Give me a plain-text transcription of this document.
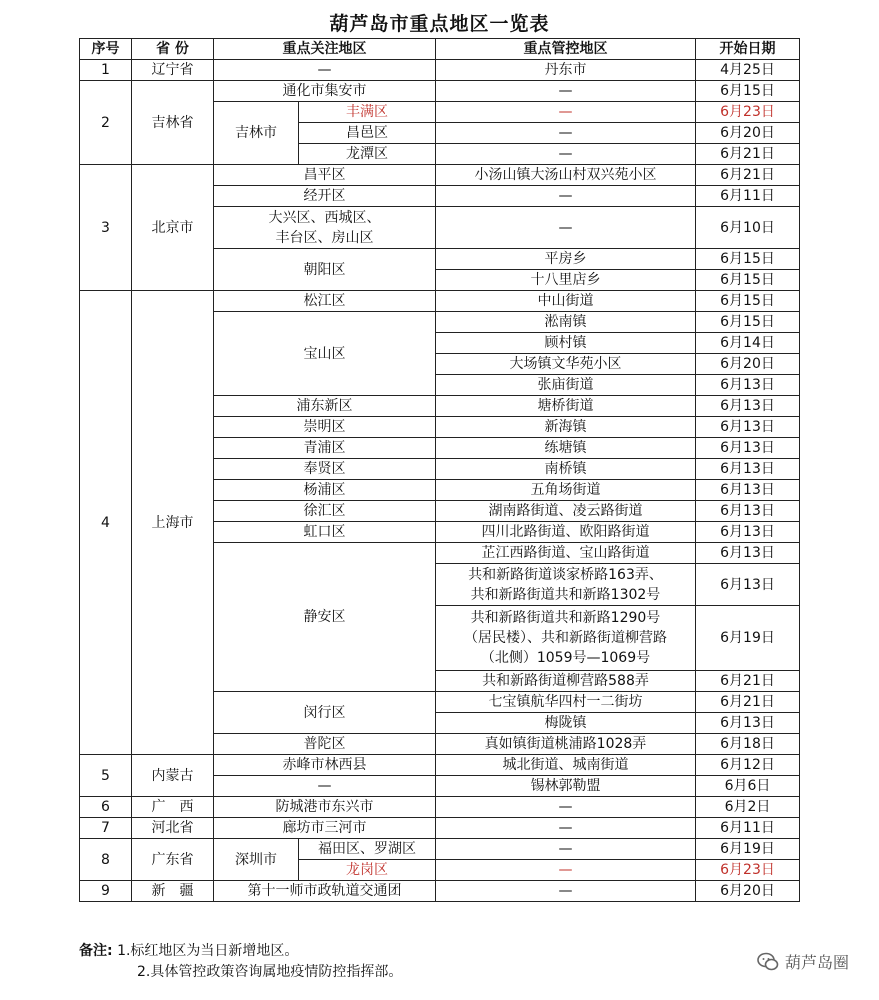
葫芦岛市重点地区一览表
序号	省 份	重点关注地区		重点管控地区	开始日期
1	辽宁省	—		丹东市	4月25日
2	吉林省	通化市集安市		—	6月15日
		吉林市	丰满区	—	6月23日
			昌邑区	—	6月20日
			龙潭区	—	6月21日
3	北京市	昌平区		小汤山镇大汤山村双兴苑小区	6月21日
		经开区		—	6月11日
		大兴区、西城区、
丰台区、房山区		—	6月10日
		朝阳区		平房乡	6月15日
				十八里店乡	6月15日
4	上海市	松江区		中山街道	6月15日
		宝山区		淞南镇	6月15日
				顾村镇	6月14日
				大场镇文华苑小区	6月20日
				张庙街道	6月13日
		浦东新区		塘桥街道	6月13日
		崇明区		新海镇	6月13日
		青浦区		练塘镇	6月13日
		奉贤区		南桥镇	6月13日
		杨浦区		五角场街道	6月13日
		徐汇区		湖南路街道、凌云路街道	6月13日
		虹口区		四川北路街道、欧阳路街道	6月13日
		静安区		芷江西路街道、宝山路街道	6月13日
				共和新路街道谈家桥路163弄、
共和新路街道共和新路1302号	6月13日
				共和新路街道共和新路1290号
（居民楼）、共和新路街道柳营路
（北侧）1059号—1069号	6月19日
				共和新路街道柳营路588弄	6月21日
		闵行区		七宝镇航华四村一二街坊	6月21日
				梅陇镇	6月13日
		普陀区		真如镇街道桃浦路1028弄	6月18日
5	内蒙古	赤峰市林西县		城北街道、城南街道	6月12日
		—		锡林郭勒盟	6月6日
6	广　西	防城港市东兴市		—	6月2日
7	河北省	廊坊市三河市		—	6月11日
8	广东省	深圳市	福田区、罗湖区	—	6月19日
			龙岗区	—	6月23日
9	新　疆	第十一师市政轨道交通团		—	6月20日
备注: 1.标红地区为当日新增地区。
2.具体管控政策咨询属地疫情防控指挥部。	葫芦岛圈
